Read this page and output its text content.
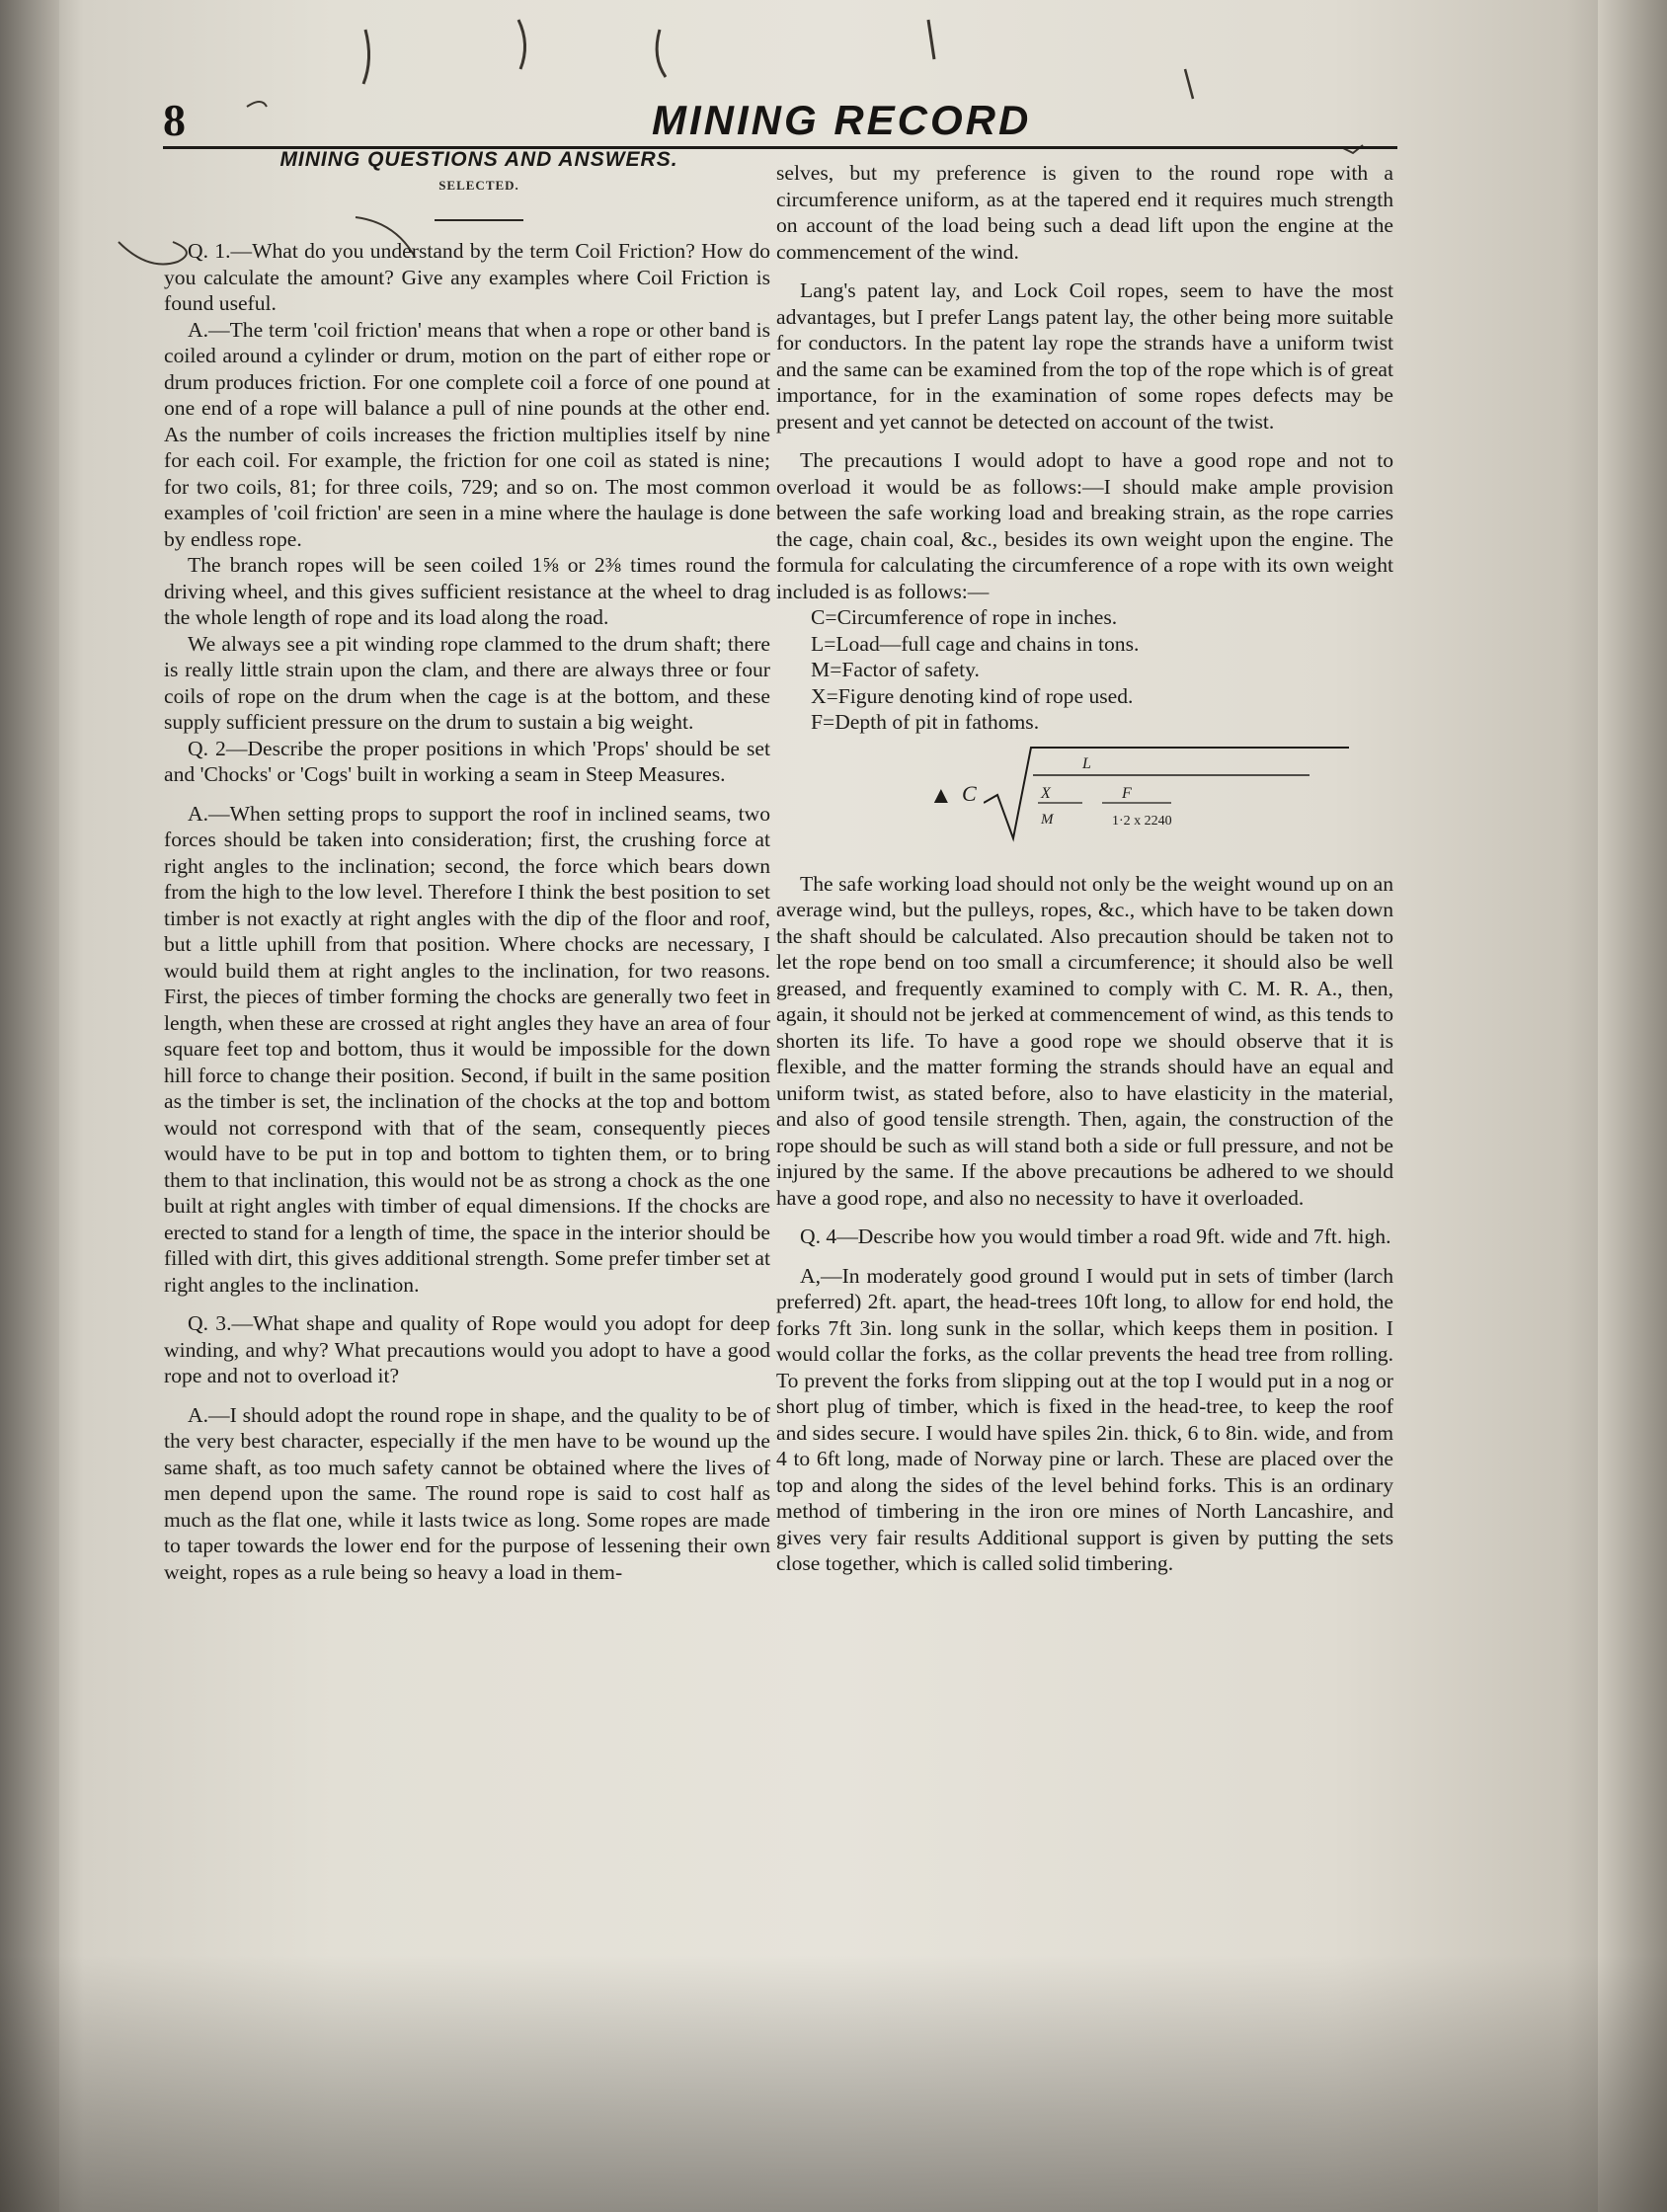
8	MINING RECORD
MINING QUESTIONS AND ANSWERS.
SELECTED.

Q. 1.—What do you understand by the term Coil Friction? How do you calculate the amount? Give any examples where Coil Friction is found useful.

A.—The term 'coil friction' means that when a rope or other band is coiled around a cylinder or drum, motion on the part of either rope or drum produces friction. For one complete coil a force of one pound at one end of a rope will balance a pull of nine pounds at the other end. As the number of coils increases the friction multiplies itself by nine for each coil. For example, the friction for one coil as stated is nine; for two coils, 81; for three coils, 729; and so on. The most common examples of 'coil friction' are seen in a mine where the haulage is done by endless rope.

The branch ropes will be seen coiled 1⅝ or 2⅜ times round the driving wheel, and this gives sufficient resistance at the wheel to drag the whole length of rope and its load along the road.

We always see a pit winding rope clammed to the drum shaft; there is really little strain upon the clam, and there are always three or four coils of rope on the drum when the cage is at the bottom, and these supply sufficient pressure on the drum to sustain a big weight.

Q. 2—Describe the proper positions in which 'Props' should be set and 'Chocks' or 'Cogs' built in working a seam in Steep Measures.

A.—When setting props to support the roof in inclined seams, two forces should be taken into consideration; first, the crushing force at right angles to the inclination; second, the force which bears down from the high to the low level. Therefore I think the best position to set timber is not exactly at right angles with the dip of the floor and roof, but a little uphill from that position. Where chocks are necessary, I would build them at right angles to the inclination, for two reasons. First, the pieces of timber forming the chocks are generally two feet in length, when these are crossed at right angles they have an area of four square feet top and bottom, thus it would be impossible for the down hill force to change their position. Second, if built in the same position as the timber is set, the inclination of the chocks at the top and bottom would not correspond with that of the seam, consequently pieces would have to be put in top and bottom to tighten them, or to bring them to that inclination, this would not be as strong a chock as the one built at right angles with timber of equal dimensions. If the chocks are erected to stand for a length of time, the space in the interior should be filled with dirt, this gives additional strength. Some prefer timber set at right angles to the inclination.

Q. 3.—What shape and quality of Rope would you adopt for deep winding, and why? What precautions would you adopt to have a good rope and not to overload it?

A.—I should adopt the round rope in shape, and the quality to be of the very best character, especially if the men have to be wound up the same shaft, as too much safety cannot be obtained where the lives of men depend upon the same. The round rope is said to cost half as much as the flat one, while it lasts twice as long. Some ropes are made to taper towards the lower end for the purpose of lessening their own weight, ropes as a rule being so heavy a load in them-

selves, but my preference is given to the round rope with a circumference uniform, as at the tapered end it requires much strength on account of the load being such a dead lift upon the engine at the commencement of the wind.

Lang's patent lay, and Lock Coil ropes, seem to have the most advantages, but I prefer Langs patent lay, the other being more suitable for conductors. In the patent lay rope the strands have a uniform twist and the same can be examined from the top of the rope which is of great importance, for in the examination of some ropes defects may be present and yet cannot be detected on account of the twist.

The precautions I would adopt to have a good rope and not to overload it would be as follows:—I should make ample provision between the safe working load and breaking strain, as the rope carries the cage, chain coal, &c., besides its own weight upon the engine. The formula for calculating the circumference of a rope with its own weight included is as follows:—

C=Circumference of rope in inches.
L=Load—full cage and chains in tons.
M=Factor of safety.
X=Figure denoting kind of rope used.
F=Depth of pit in fathoms.
▲ C
L
X	F
M	1·2 x 2240

The safe working load should not only be the weight wound up on an average wind, but the pulleys, ropes, &c., which have to be taken down the shaft should be calculated. Also precaution should be taken not to let the rope bend on too small a circumference; it should also be well greased, and frequently examined to comply with C. M. R. A., then, again, it should not be jerked at commencement of wind, as this tends to shorten its life. To have a good rope we should observe that it is flexible, and the matter forming the strands should have an equal and uniform twist, as stated before, also to have elasticity in the material, and also of good tensile strength. Then, again, the construction of the rope should be such as will stand both a side or full pressure, and not be injured by the same. If the above precautions be adhered to we should have a good rope, and also no necessity to have it overloaded.

Q. 4—Describe how you would timber a road 9ft. wide and 7ft. high.

A,—In moderately good ground I would put in sets of timber (larch preferred) 2ft. apart, the head-trees 10ft long, to allow for end hold, the forks 7ft 3in. long sunk in the sollar, which keeps them in position. I would collar the forks, as the collar prevents the head tree from rolling. To prevent the forks from slipping out at the top I would put in a nog or short plug of timber, which is fixed in the head-tree, to keep the roof and sides secure. I would have spiles 2in. thick, 6 to 8in. wide, and from 4 to 6ft long, made of Norway pine or larch. These are placed over the top and along the sides of the level behind forks. This is an ordinary method of timbering in the iron ore mines of North Lancashire, and gives very fair results Additional support is given by putting the sets close together, which is called solid timbering.
